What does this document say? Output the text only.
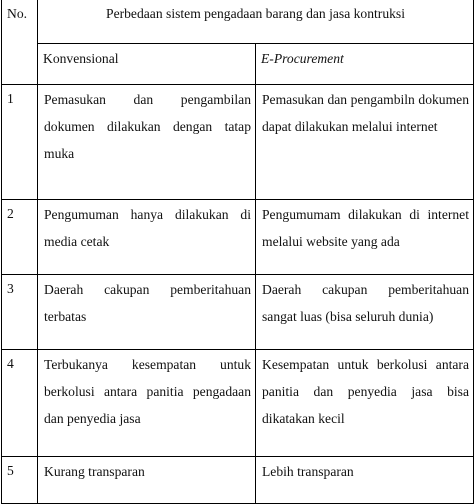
No.	Perbedaan sistem pengadaan barang dan jasa kontruksi	
	Konvensional	E-Procurement
1	Pemasukan dan pengambilan dokumen dilakukan dengan tatap muka	Pemasukan dan pengambiln dokumen dapat dilakukan melalui internet

2	Pengumuman hanya dilakukan di media cetak	Pengumumam dilakukan di internet melalui website yang ada

3	Daerah cakupan pemberitahuan terbatas	Daerah cakupan pemberitahuan sangat luas (bisa seluruh dunia)

4	Terbukanya kesempatan untuk berkolusi antara panitia pengadaan dan penyedia jasa	Kesempatan untuk berkolusi antara panitia dan penyedia jasa bisa dikatakan kecil

5	Kurang transparan	Lebih transparan
